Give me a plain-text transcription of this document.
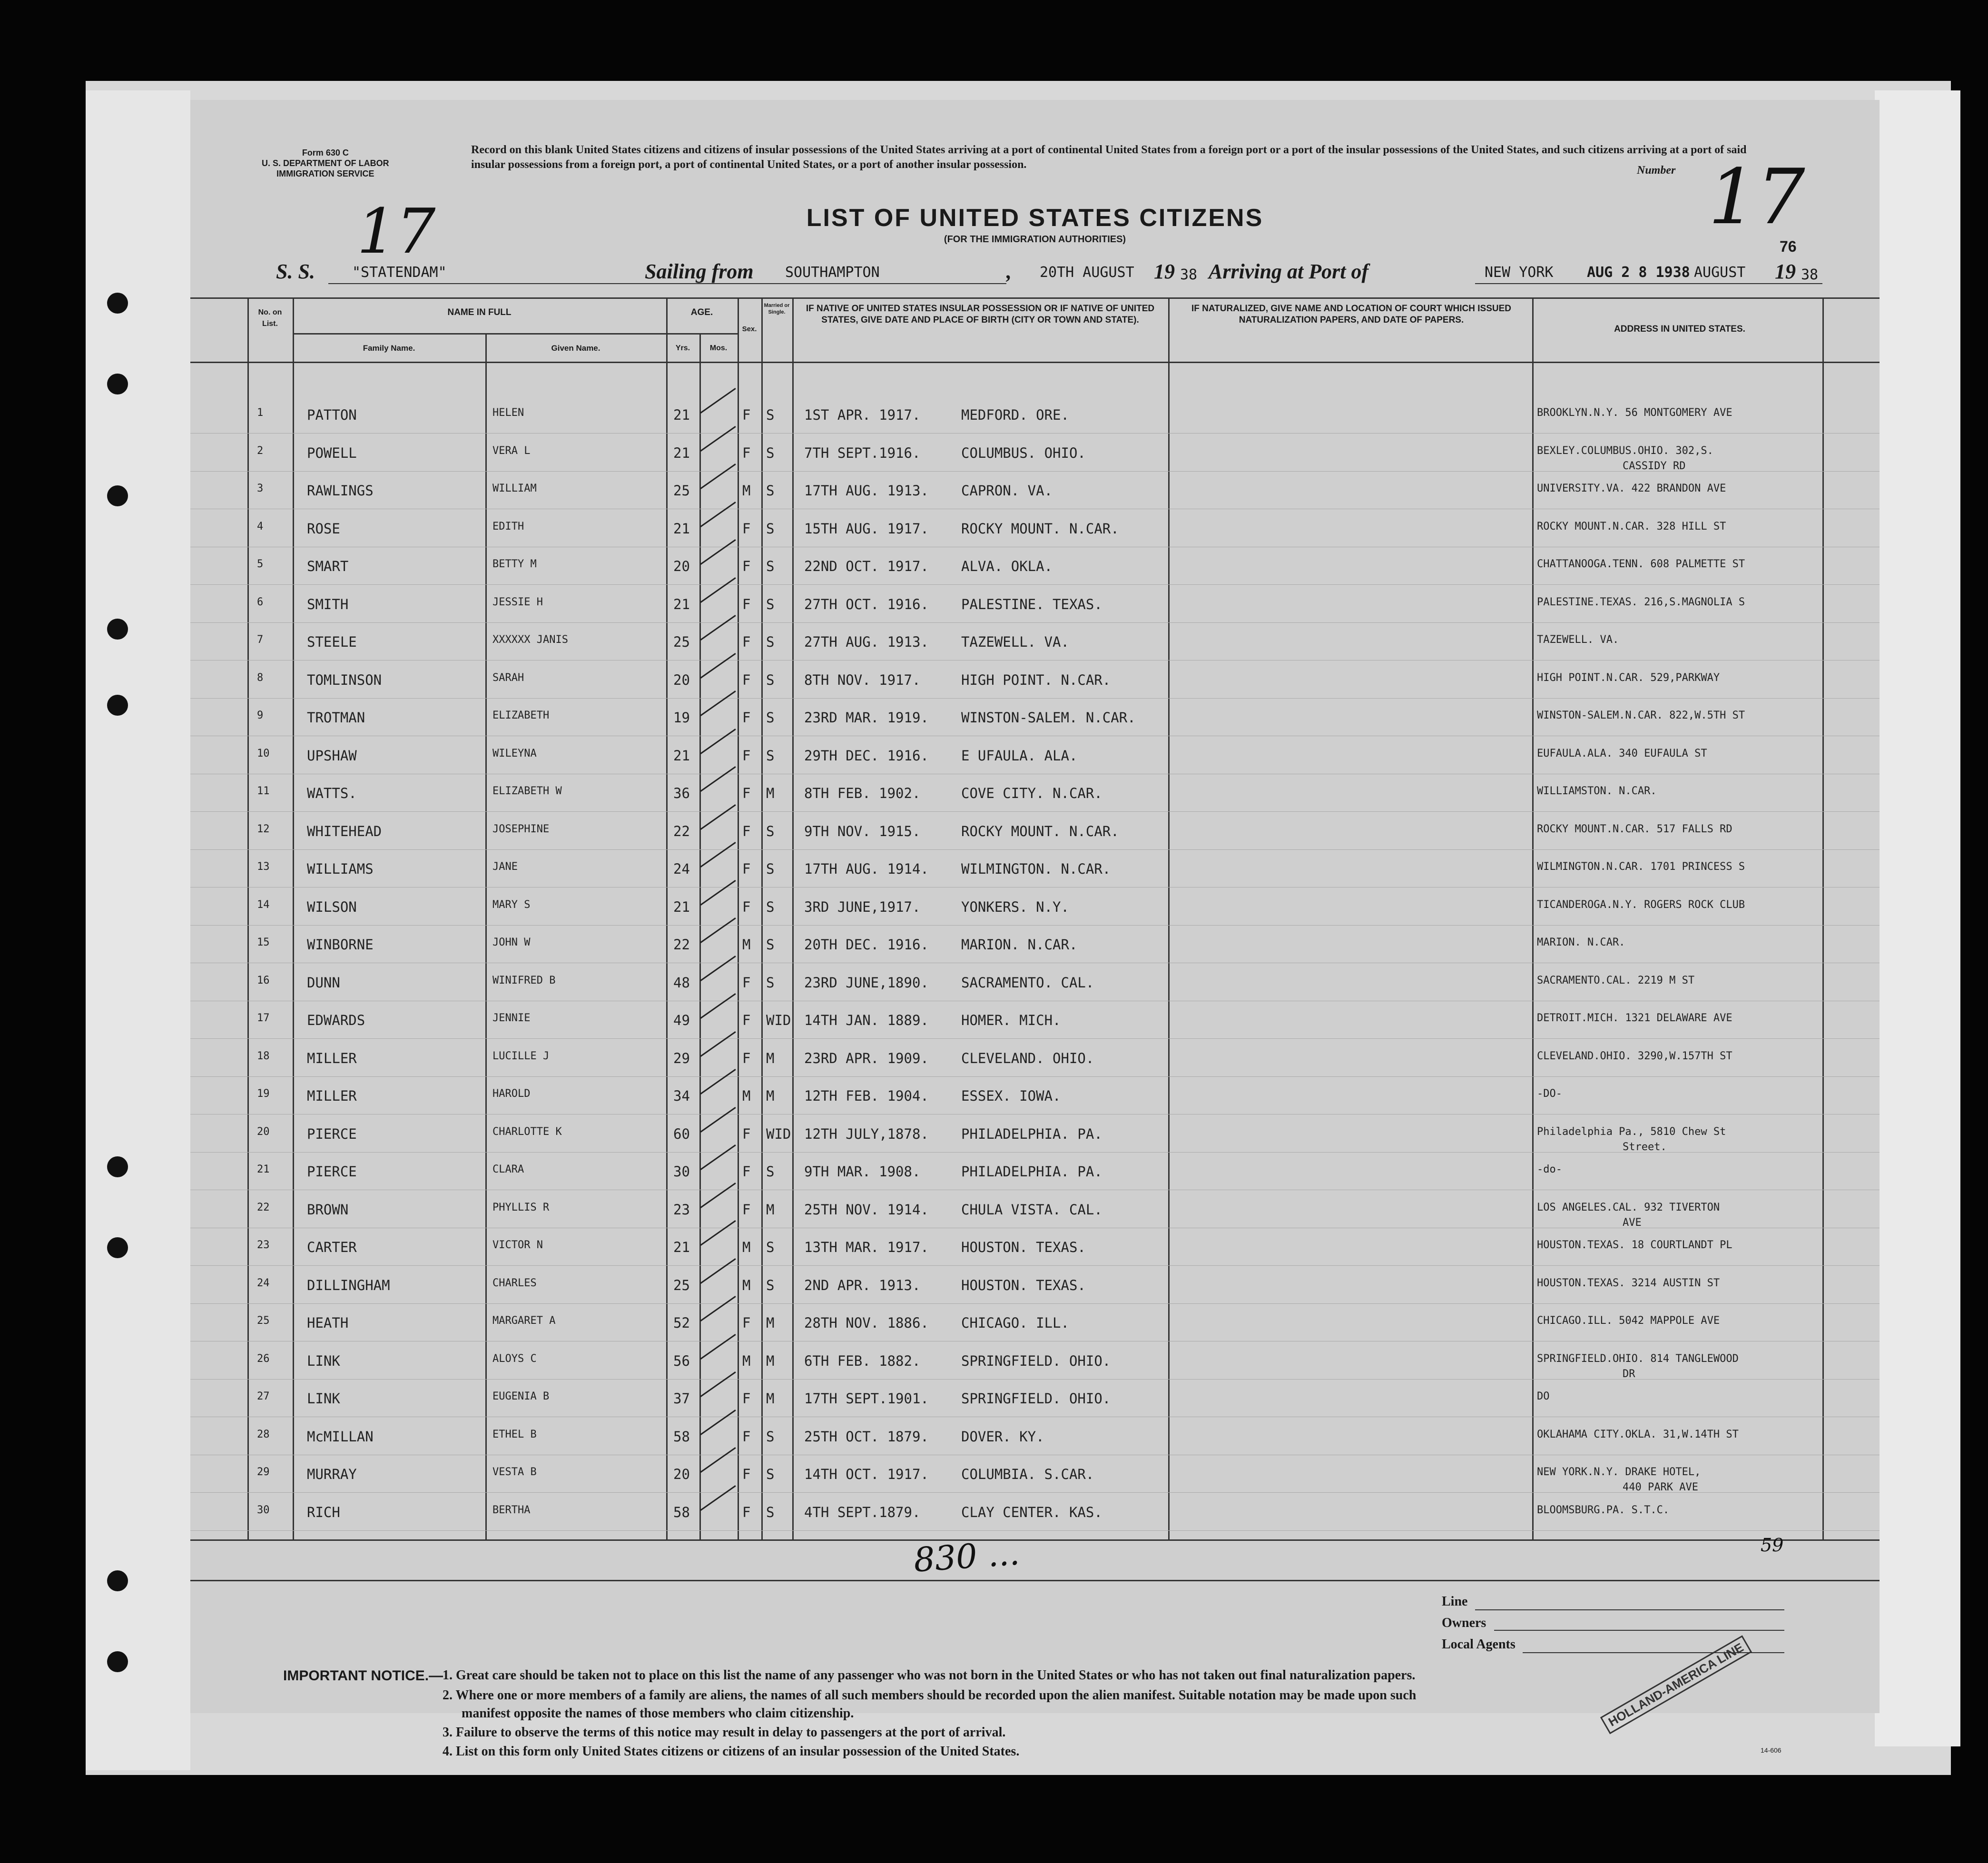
Form 630 C
U. S. DEPARTMENT OF LABOR
IMMIGRATION SERVICE
Record on this blank United States citizens and citizens of insular possessions of the United States arriving at a port of continental United States from a foreign port or a port of the insular possessions of the United States, and such citizens arriving at a port of said insular possessions from a foreign port, a port of continental United States, or a port of another insular possession.	Number 17
17	LIST OF UNITED STATES CITIZENS
(FOR THE IMMIGRATION AUTHORITIES)	76
S. S.	"STATENDAM"	Sailing from SOUTHAMPTON	, 20TH AUGUST 19 38 Arriving at Port of	NEW YORK AUG 2 8 1938 AUGUST 19 38
No. on List.
NAME IN FULL
Family Name.	Given Name.
AGE.
Yrs.	Mos.
Sex.
Married or Single.	IF NATIVE OF UNITED STATES INSULAR POSSESSION OR IF NATIVE OF UNITED STATES, GIVE DATE AND PLACE OF BIRTH (CITY OR TOWN AND STATE).
IF NATURALIZED, GIVE NAME AND LOCATION OF COURT WHICH ISSUED NATURALIZATION PAPERS, AND DATE OF PAPERS.
ADDRESS IN UNITED STATES.
1	PATTON	HELEN	21	F S 1ST APR. 1917.	MEDFORD. ORE.	BROOKLYN.N.Y. 56 MONTGOMERY AVE
2	POWELL	VERA L	21	F S 7TH SEPT.1916.	COLUMBUS. OHIO.	BEXLEY.COLUMBUS.OHIO. 302,S.
CASSIDY RD
3	RAWLINGS	WILLIAM	25	M S 17TH AUG. 1913. CAPRON. VA.	UNIVERSITY.VA. 422 BRANDON AVE
4	ROSE	EDITH	21	F S 15TH AUG. 1917. ROCKY MOUNT. N.CAR.	ROCKY MOUNT.N.CAR. 328 HILL ST
5	SMART	BETTY M	20	F S 22ND OCT. 1917. ALVA. OKLA.	CHATTANOOGA.TENN. 608 PALMETTE ST
6	SMITH	JESSIE H	21	F S 27TH OCT. 1916. PALESTINE. TEXAS.	PALESTINE.TEXAS. 216,S.MAGNOLIA S
7	STEELE	XXXXXX JANIS	25	F S 27TH AUG. 1913. TAZEWELL. VA.	TAZEWELL. VA.
8	TOMLINSON	SARAH	20	F S 8TH NOV. 1917.	HIGH POINT. N.CAR.	HIGH POINT.N.CAR. 529,PARKWAY
9	TROTMAN	ELIZABETH	19	F S 23RD MAR. 1919. WINSTON-SALEM. N.CAR.	WINSTON-SALEM.N.CAR. 822,W.5TH ST
10	UPSHAW	WILEYNA	21	F S 29TH DEC. 1916. E UFAULA. ALA.	EUFAULA.ALA. 340 EUFAULA ST
11	WATTS.	ELIZABETH W	36	F M 8TH FEB. 1902.	COVE CITY. N.CAR.	WILLIAMSTON. N.CAR.
12	WHITEHEAD	JOSEPHINE	22	F S 9TH NOV. 1915.	ROCKY MOUNT. N.CAR.	ROCKY MOUNT.N.CAR. 517 FALLS RD
13	WILLIAMS	JANE	24	F S 17TH AUG. 1914. WILMINGTON. N.CAR.	WILMINGTON.N.CAR. 1701 PRINCESS S
14	WILSON	MARY S	21	F S 3RD JUNE,1917.	YONKERS. N.Y.	TICANDEROGA.N.Y. ROGERS ROCK CLUB
15	WINBORNE	JOHN W	22	M S 20TH DEC. 1916. MARION. N.CAR.	MARION. N.CAR.
16	DUNN	WINIFRED B	48	F S 23RD JUNE,1890. SACRAMENTO. CAL.	SACRAMENTO.CAL. 2219 M ST
17	EDWARDS	JENNIE	49	F WID 14TH JAN. 1889. HOMER. MICH.	DETROIT.MICH. 1321 DELAWARE AVE
18	MILLER	LUCILLE J	29	F M 23RD APR. 1909. CLEVELAND. OHIO.	CLEVELAND.OHIO. 3290,W.157TH ST
19	MILLER	HAROLD	34	M M 12TH FEB. 1904. ESSEX. IOWA.	-DO-
20	PIERCE	CHARLOTTE K	60	F WID 12TH JULY,1878. PHILADELPHIA. PA.	Philadelphia Pa., 5810 Chew St
Street.
21	PIERCE	CLARA	30	F S 9TH MAR. 1908.	PHILADELPHIA. PA.	-do-
22	BROWN	PHYLLIS R	23	F M 25TH NOV. 1914. CHULA VISTA. CAL.	LOS ANGELES.CAL. 932 TIVERTON
AVE
23	CARTER	VICTOR N	21	M S 13TH MAR. 1917. HOUSTON. TEXAS.	HOUSTON.TEXAS. 18 COURTLANDT PL
24	DILLINGHAM	CHARLES	25	M S 2ND APR. 1913.	HOUSTON. TEXAS.	HOUSTON.TEXAS. 3214 AUSTIN ST
25	HEATH	MARGARET A	52	F M 28TH NOV. 1886. CHICAGO. ILL.	CHICAGO.ILL. 5042 MAPPOLE AVE
26	LINK	ALOYS C	56	M M 6TH FEB. 1882.	SPRINGFIELD. OHIO.	SPRINGFIELD.OHIO. 814 TANGLEWOOD
DR
27	LINK	EUGENIA B	37	F M 17TH SEPT.1901. SPRINGFIELD. OHIO.	DO
28	McMILLAN	ETHEL B	58	F S 25TH OCT. 1879. DOVER. KY.	OKLAHAMA CITY.OKLA. 31,W.14TH ST
29	MURRAY	VESTA B	20	F S 14TH OCT. 1917. COLUMBIA. S.CAR.	NEW YORK.N.Y. DRAKE HOTEL,
440 PARK AVE
30	RICH	BERTHA	58	F S 4TH SEPT.1879.	CLAY CENTER. KAS.	BLOOMSBURG.PA. S.T.C.
59
830 ...
Line
Owners
Local Agents	HOLLAND-AMERICA LINE
IMPORTANT NOTICE.—
1. Great care should be taken not to place on this list the name of any passenger who was not born in the United States or who has not taken out final naturalization papers.
2. Where one or more members of a family are aliens, the names of all such members should be recorded upon the alien manifest. Suitable notation may be made upon such
manifest opposite the names of those members who claim citizenship.
3. Failure to observe the terms of this notice may result in delay to passengers at the port of arrival.
4. List on this form only United States citizens or citizens of an insular possession of the United States.	14-606
